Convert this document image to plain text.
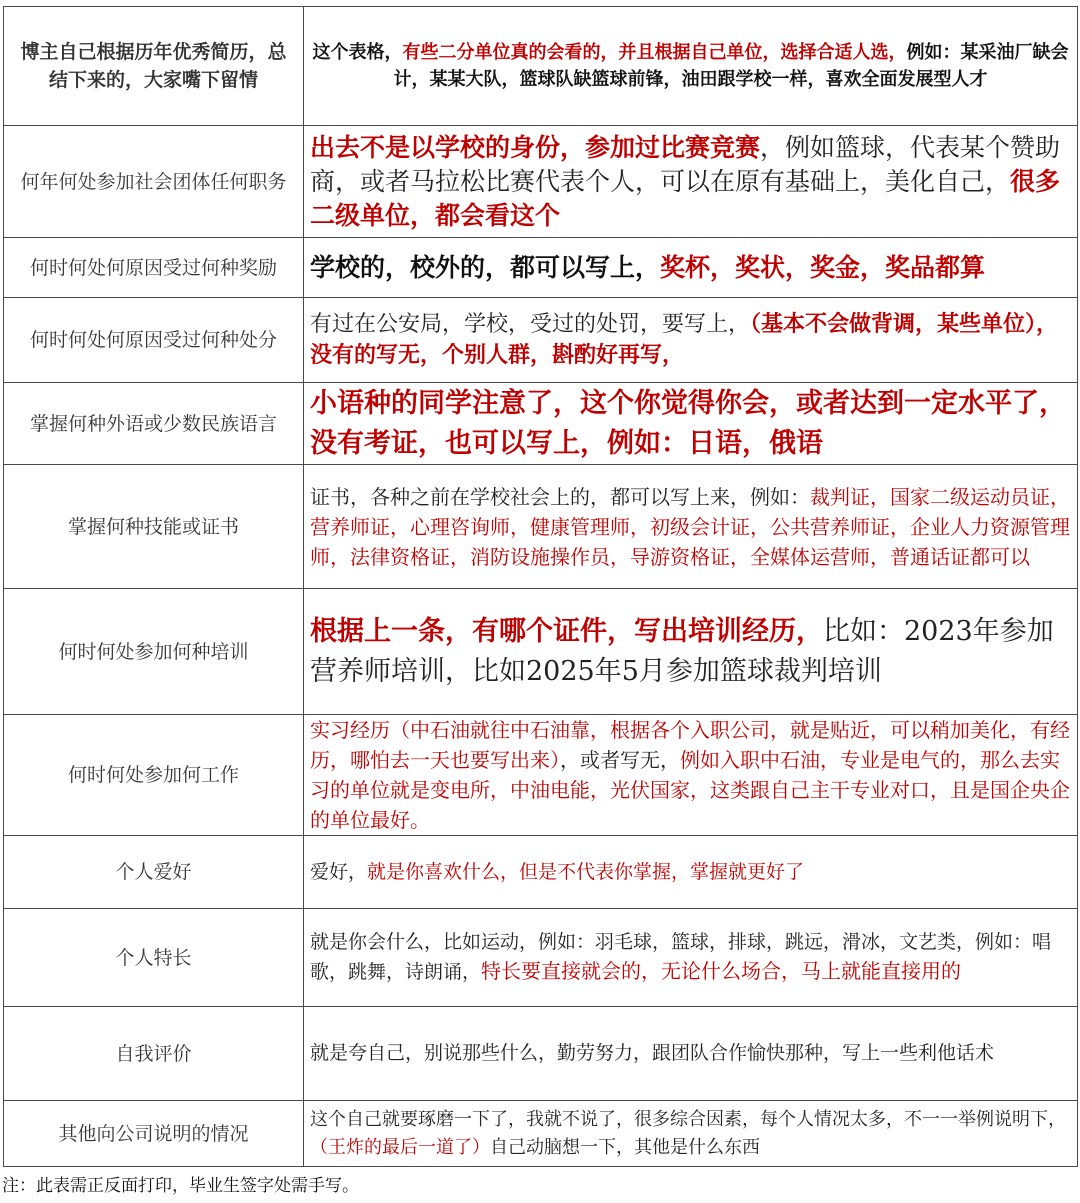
博主自己根据历年优秀简历，总结下来的，大家嘴下留情	这个表格，有些二分单位真的会看的，并且根据自己单位，选择合适人选，例如：某采油厂缺会计，某某大队，篮球队缺篮球前锋，油田跟学校一样，喜欢全面发展型人才
何年何处参加社会团体任何职务	出去不是以学校的身份，参加过比赛竞赛，例如篮球，代表某个赞助商，或者马拉松比赛代表个人，可以在原有基础上，美化自己，很多二级单位，都会看这个
何时何处何原因受过何种奖励	学校的，校外的，都可以写上，奖杯，奖状，奖金，奖品都算
何时何处何原因受过何种处分	有过在公安局，学校，受过的处罚，要写上，（基本不会做背调，某些单位），没有的写无，个别人群，斟酌好再写，
掌握何种外语或少数民族语言	小语种的同学注意了，这个你觉得你会，或者达到一定水平了，没有考证，也可以写上，例如：日语，俄语
掌握何种技能或证书	证书，各种之前在学校社会上的，都可以写上来，例如：裁判证，国家二级运动员证，营养师证，心理咨询师，健康管理师，初级会计证，公共营养师证，企业人力资源管理师，法律资格证，消防设施操作员，导游资格证，全媒体运营师，普通话证都可以
何时何处参加何种培训	根据上一条，有哪个证件，写出培训经历，比如：2023年参加营养师培训，比如2025年5月参加篮球裁判培训
何时何处参加何工作	实习经历（中石油就往中石油靠，根据各个入职公司，就是贴近，可以稍加美化，有经历，哪怕去一天也要写出来），或者写无，例如入职中石油，专业是电气的，那么去实习的单位就是变电所，中油电能，光伏国家，这类跟自己主干专业对口，且是国企央企的单位最好。
个人爱好	爱好，就是你喜欢什么，但是不代表你掌握，掌握就更好了
个人特长	就是你会什么，比如运动，例如：羽毛球，篮球，排球，跳远，滑冰，文艺类，例如：唱歌，跳舞，诗朗诵，特长要直接就会的，无论什么场合，马上就能直接用的
自我评价	就是夸自己，别说那些什么，勤劳努力，跟团队合作愉快那种，写上一些利他话术
其他向公司说明的情况	这个自己就要琢磨一下了，我就不说了，很多综合因素，每个人情况太多，不一一举例说明下，（王炸的最后一道了）自己动脑想一下，其他是什么东西
注：此表需正反面打印，毕业生签字处需手写。
